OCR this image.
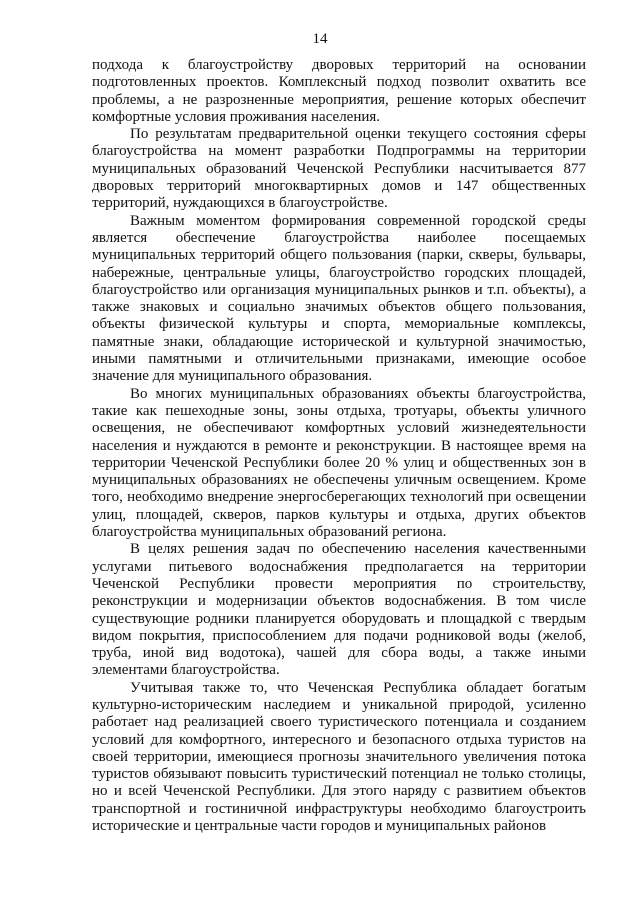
14

подхода к благоустройству дворовых территорий на основании подготовленных проектов. Комплексный подход позволит охватить все проблемы, а не разрозненные мероприятия, решение которых обеспечит комфортные условия проживания населения.

По результатам предварительной оценки текущего состояния сферы благоустройства на момент разработки Подпрограммы на территории муниципальных образований Чеченской Республики насчитывается 877 дворовых территорий многоквартирных домов и 147 общественных территорий, нуждающихся в благоустройстве.

Важным моментом формирования современной городской среды является обеспечение благоустройства наиболее посещаемых муниципальных территорий общего пользования (парки, скверы, бульвары, набережные, центральные улицы, благоустройство городских площадей, благоустройство или организация муниципальных рынков и т.п. объекты), а также знаковых и социально значимых объектов общего пользования, объекты физической культуры и спорта, мемориальные комплексы, памятные знаки, обладающие исторической и культурной значимостью, иными памятными и отличительными признаками, имеющие особое значение для муниципального образования.

Во многих муниципальных образованиях объекты благоустройства, такие как пешеходные зоны, зоны отдыха, тротуары, объекты уличного освещения, не обеспечивают комфортных условий жизнедеятельности населения и нуждаются в ремонте и реконструкции. В настоящее время на территории Чеченской Республики более 20 % улиц и общественных зон в муниципальных образованиях не обеспечены уличным освещением. Кроме того, необходимо внедрение энергосберегающих технологий при освещении улиц, площадей, скверов, парков культуры и отдыха, других объектов благоустройства муниципальных образований региона.

В целях решения задач по обеспечению населения качественными услугами питьевого водоснабжения предполагается на территории Чеченской Республики провести мероприятия по строительству, реконструкции и модернизации объектов водоснабжения. В том числе существующие родники планируется оборудовать и площадкой с твердым видом покрытия, приспособлением для подачи родниковой воды (желоб, труба, иной вид водотока), чашей для сбора воды, а также иными элементами благоустройства.

Учитывая также то, что Чеченская Республика обладает богатым культурно-историческим наследием и уникальной природой, усиленно работает над реализацией своего туристического потенциала и созданием условий для комфортного, интересного и безопасного отдыха туристов на своей территории, имеющиеся прогнозы значительного увеличения потока туристов обязывают повысить туристический потенциал не только столицы, но и всей Чеченской Республики. Для этого наряду с развитием объектов транспортной и гостиничной инфраструктуры необходимо благоустроить исторические и центральные части городов и муниципальных районов
